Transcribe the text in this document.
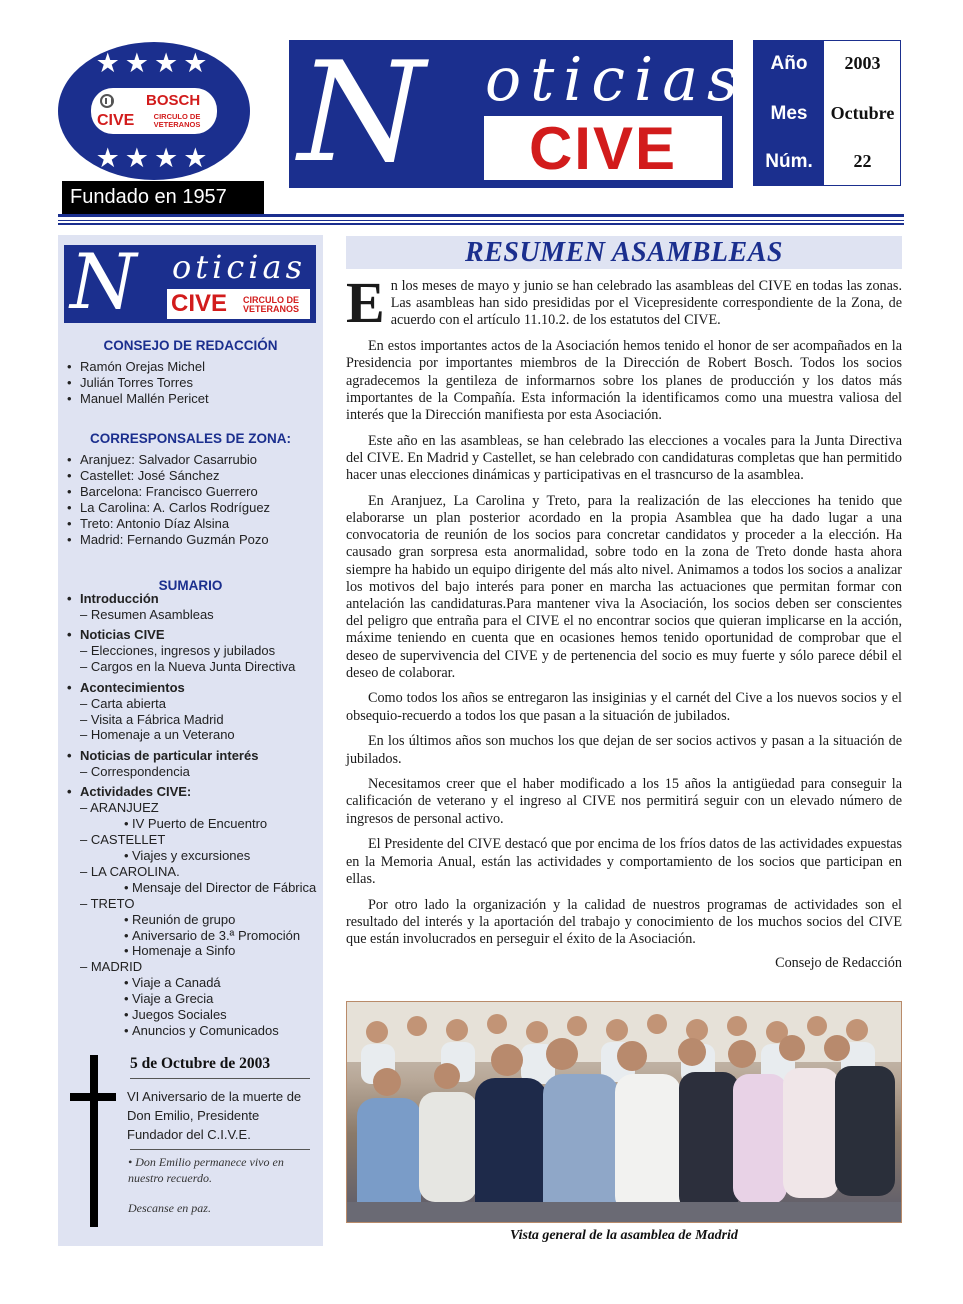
★★★★
BOSCH
CIVE	CIRCULO DE
VETERANOS
★★★★
Fundado en 1957
N oticias
CIVE
Año	2003
Mes	Octubre
Núm.	22
N oticias
CIVE	CIRCULO DE
VETERANOS
CONSEJO DE REDACCIÓN
• Ramón Orejas Michel
• Julián Torres Torres
• Manuel Mallén Pericet
CORRESPONSALES DE ZONA:
• Aranjuez: Salvador Casarrubio
• Castellet: José Sánchez
• Barcelona: Francisco Guerrero
• La Carolina: A. Carlos Rodríguez
• Treto: Antonio Díaz Alsina
• Madrid: Fernando Guzmán Pozo
SUMARIO
• Introducción
– Resumen Asambleas
• Noticias CIVE
– Elecciones, ingresos y jubilados
– Cargos en la Nueva Junta Directiva
• Acontecimientos
– Carta abierta
– Visita a Fábrica Madrid
– Homenaje a un Veterano
• Noticias de particular interés
– Correspondencia
• Actividades CIVE:
– ARANJUEZ
• IV Puerto de Encuentro
– CASTELLET
• Viajes y excursiones
– LA CAROLINA.
• Mensaje del Director de Fábrica
– TRETO
• Reunión de grupo
• Aniversario de 3.ª Promoción
• Homenaje a Sinfo
– MADRID
• Viaje a Canadá
• Viaje a Grecia
• Juegos Sociales
• Anuncios y Comunicados
5 de Octubre de 2003
VI Aniversario de la muerte de Don Emilio, Presidente Fundador del C.I.V.E.
• Don Emilio permanece vivo en nuestro recuerdo.
Descanse en paz.
RESUMEN ASAMBLEAS

En los meses de mayo y junio se han celebrado las asambleas del CIVE en todas las zonas. Las asambleas han sido presididas por el Vicepresidente correspondiente de la Zona, de acuerdo con el artículo 11.10.2. de los estatutos del CIVE.

En estos importantes actos de la Asociación hemos tenido el honor de ser acompañados en la Presidencia por importantes miembros de la Dirección de Robert Bosch. Todos los socios agradecemos la gentileza de informarnos sobre los planes de producción y los datos más importantes de la Compañía. Esta información la identificamos como una muestra valiosa del interés que la Dirección manifiesta por esta Asociación.

Este año en las asambleas, se han celebrado las elecciones a vocales para la Junta Directiva del CIVE. En Madrid y Castellet, se han celebrado con candidaturas completas que han permitido hacer unas elecciones dinámicas y participativas en el trasncurso de la asamblea.

En Aranjuez, La Carolina y Treto, para la realización de las elecciones ha tenido que elaborarse un plan posterior acordado en la propia Asamblea que ha dado lugar a una convocatoria de reunión de los socios para concretar candidatos y proceder a la elección. Ha causado gran sorpresa esta anormalidad, sobre todo en la zona de Treto donde hasta ahora siempre ha habido un equipo dirigente del más alto nivel. Animamos a todos los socios a analizar los motivos del bajo interés para poner en marcha las actuaciones que permitan formar con antelación las candidaturas.Para mantener viva la Asociación, los socios deben ser conscientes del peligro que entraña para el CIVE el no encontrar socios que quieran implicarse en la acción, máxime teniendo en cuenta que en ocasiones hemos tenido oportunidad de comprobar que el deseo de supervivencia del CIVE y de pertenencia del socio es muy fuerte y sólo parece débil el deseo de colaborar.

Como todos los años se entregaron las insiginias y el carnét del Cive a los nuevos socios y el obsequio-recuerdo a todos los que pasan a la situación de jubilados.

En los últimos años son muchos los que dejan de ser socios activos y pasan a la situación de jubilados.

Necesitamos creer que el haber modificado a los 15 años la antigüedad para conseguir la calificación de veterano y el ingreso al CIVE nos permitirá seguir con un elevado número de ingresos de personal activo.

El Presidente del CIVE destacó que por encima de los fríos datos de las actividades expuestas en la Memoria Anual, están las actividades y comportamiento de los socios que participan en ellas.

Por otro lado la organización y la calidad de nuestros programas de actividades son el resultado del interés y la aportación del trabajo y conocimiento de los muchos socios del CIVE que están involucrados en perseguir el éxito de la Asociación.

Consejo de Redacción

Vista general de la asamblea de Madrid
